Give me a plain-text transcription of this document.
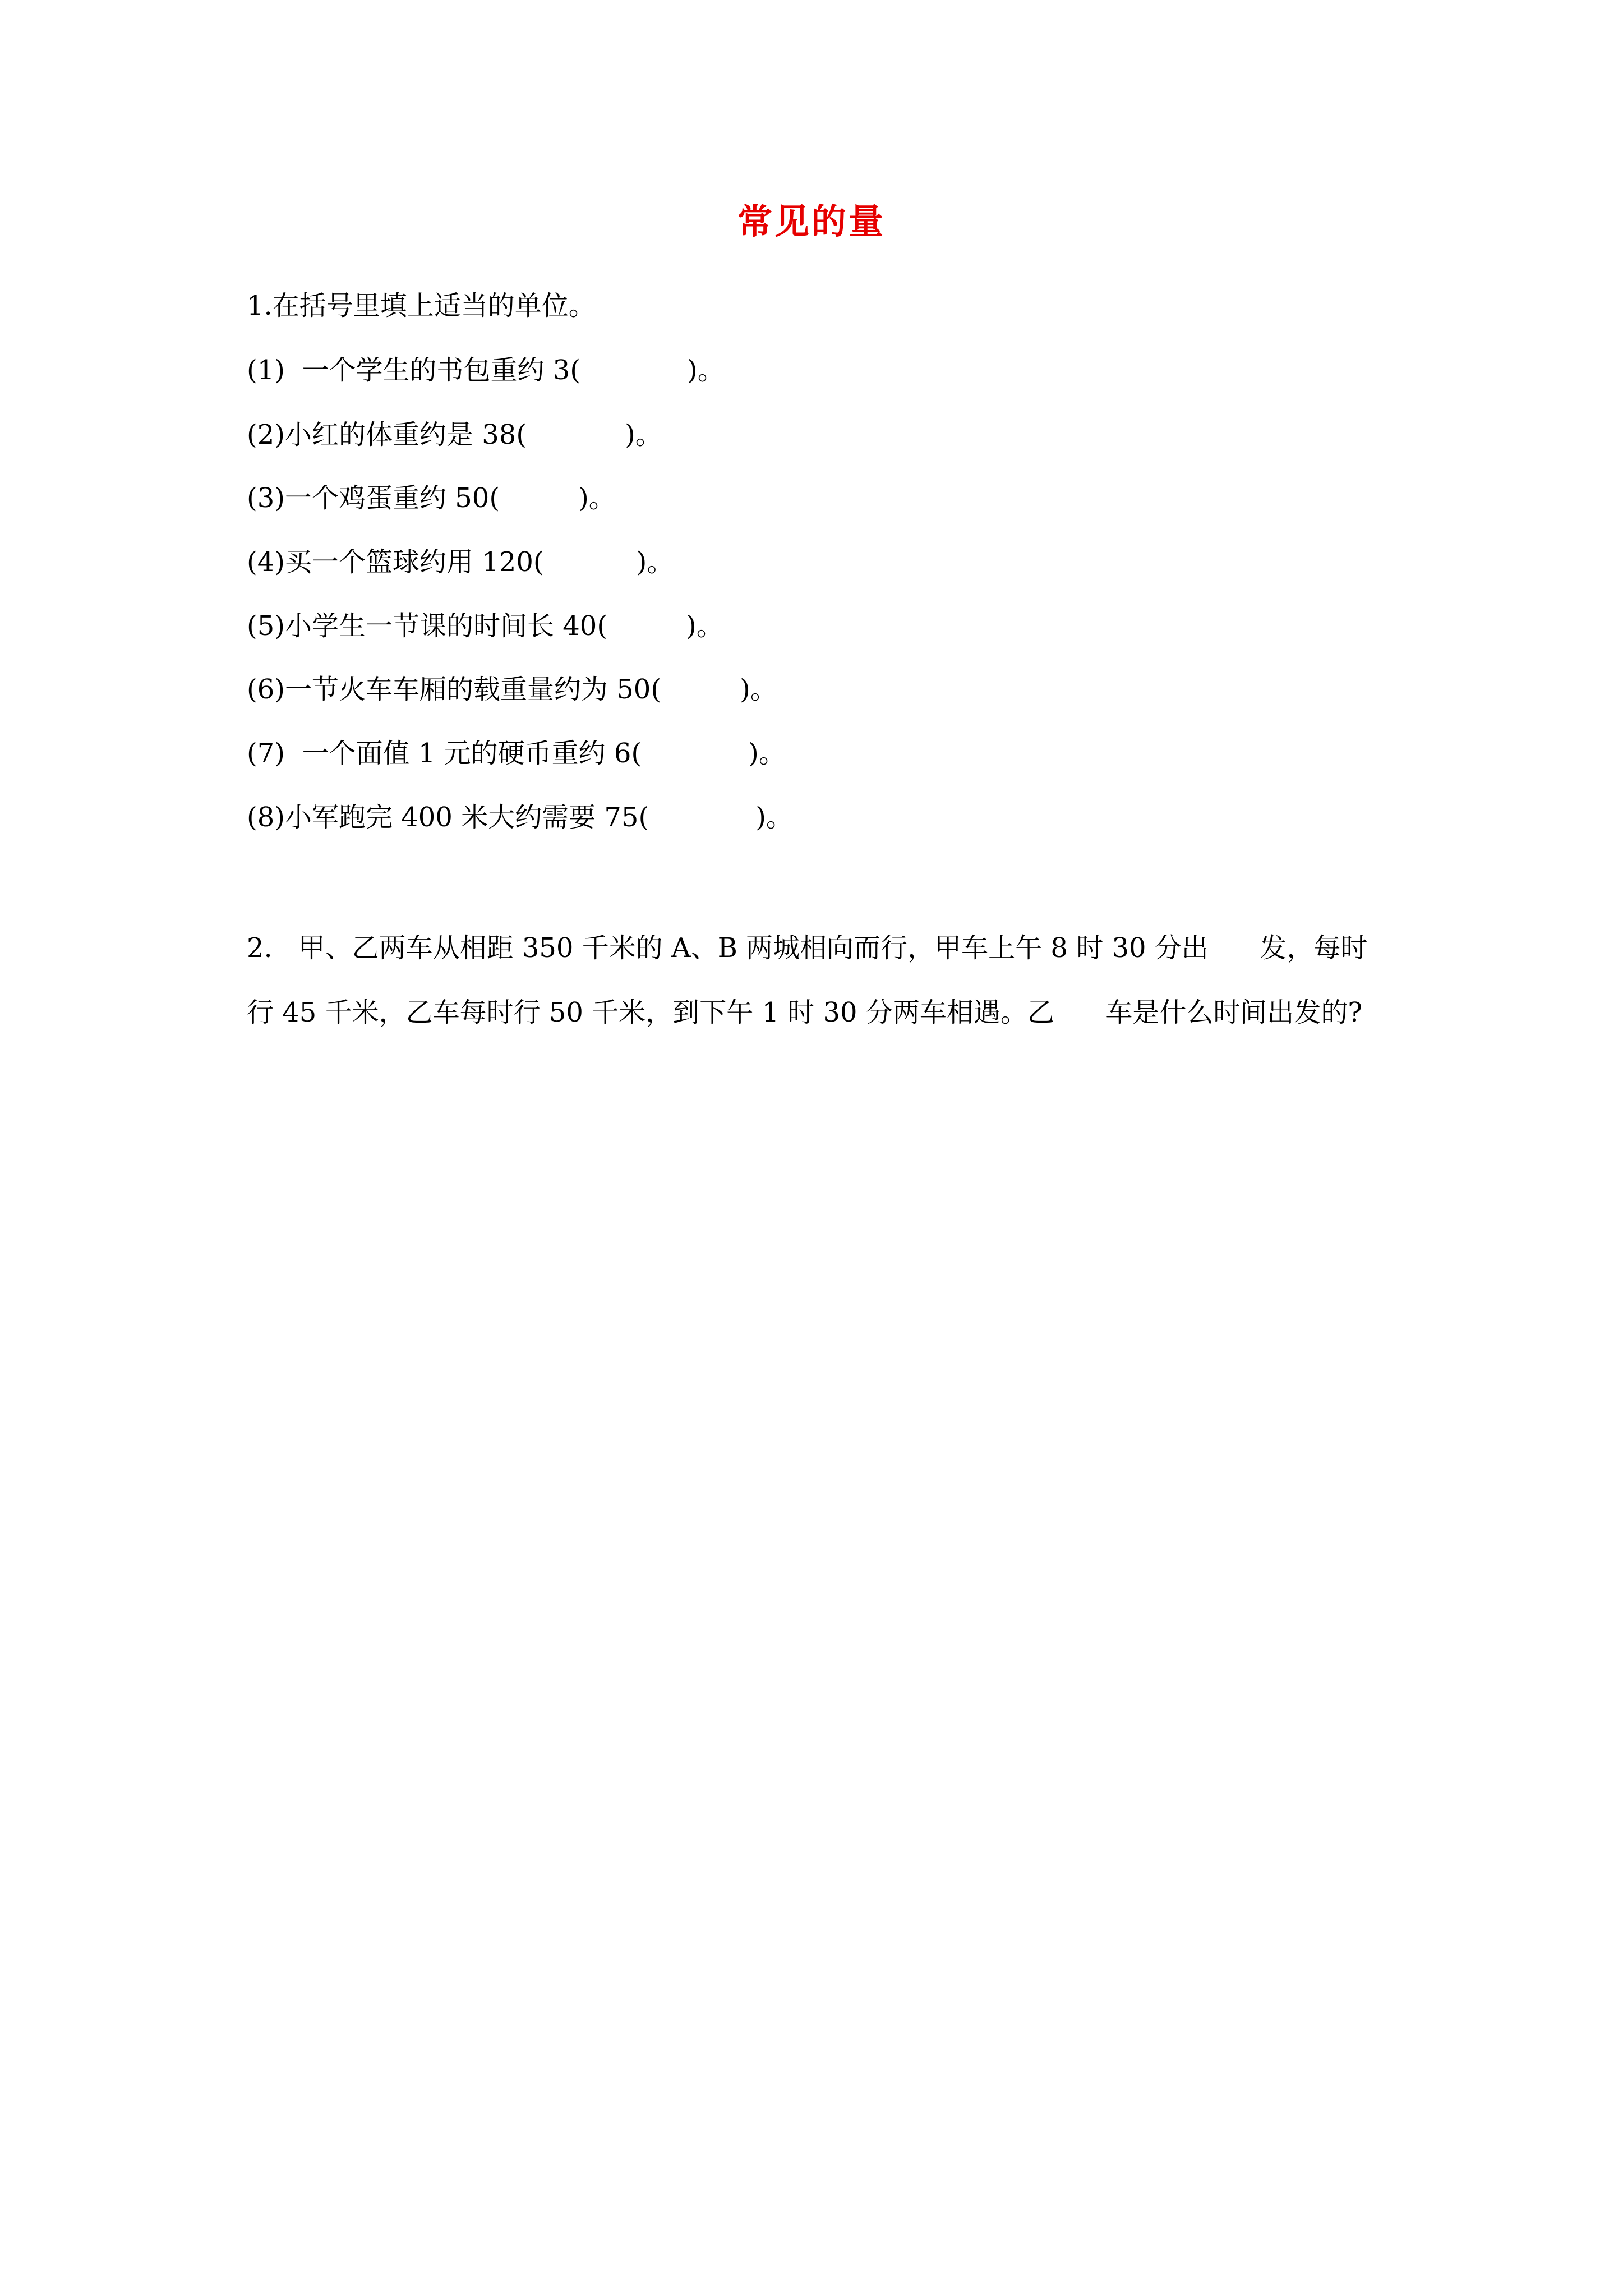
常见的量
1.在括号里填上适当的单位。
(1)  一个学生的书包重约 3(	)。
(2)小红的体重约是 38(	)。
(3)一个鸡蛋重约 50(	)。
(4)买一个篮球约用 120(	)。
(5)小学生一节课的时间长 40(	)。
(6)一节火车车厢的载重量约为 50(	)。
(7)  一个面值 1 元的硬币重约 6(	)。
(8)小军跑完 400 米大约需要 75(	)。
2.   甲、乙两车从相距 350 千米的 A、B 两城相向而行，甲车上午 8 时 30 分出      发，每时
行 45 千米，乙车每时行 50 千米，到下午 1 时 30 分两车相遇。乙      车是什么时间出发的?
